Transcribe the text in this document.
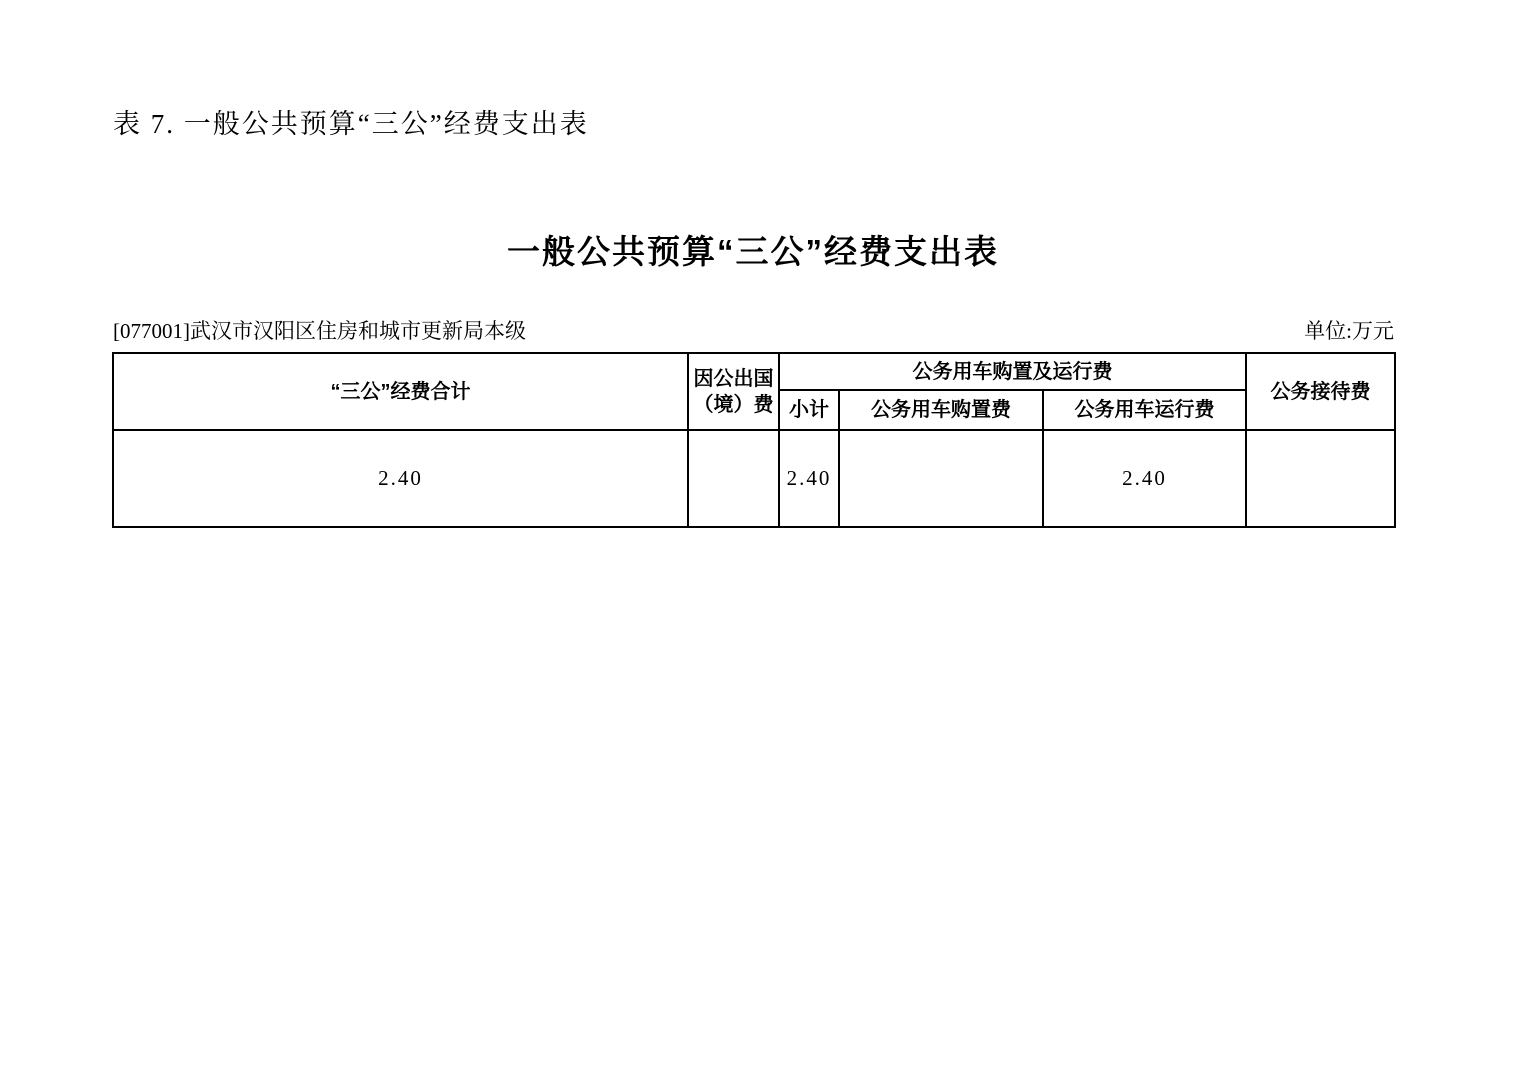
表 7. 一般公共预算“三公”经费支出表
一般公共预算“三公”经费支出表
[077001]武汉市汉阳区住房和城市更新局本级	单位:万元
“三公”经费合计	因公出国（境）费	公务用车购置及运行费			公务接待费
		小计	公务用车购置费	公务用车运行费	
2.40		2.40		2.40	
